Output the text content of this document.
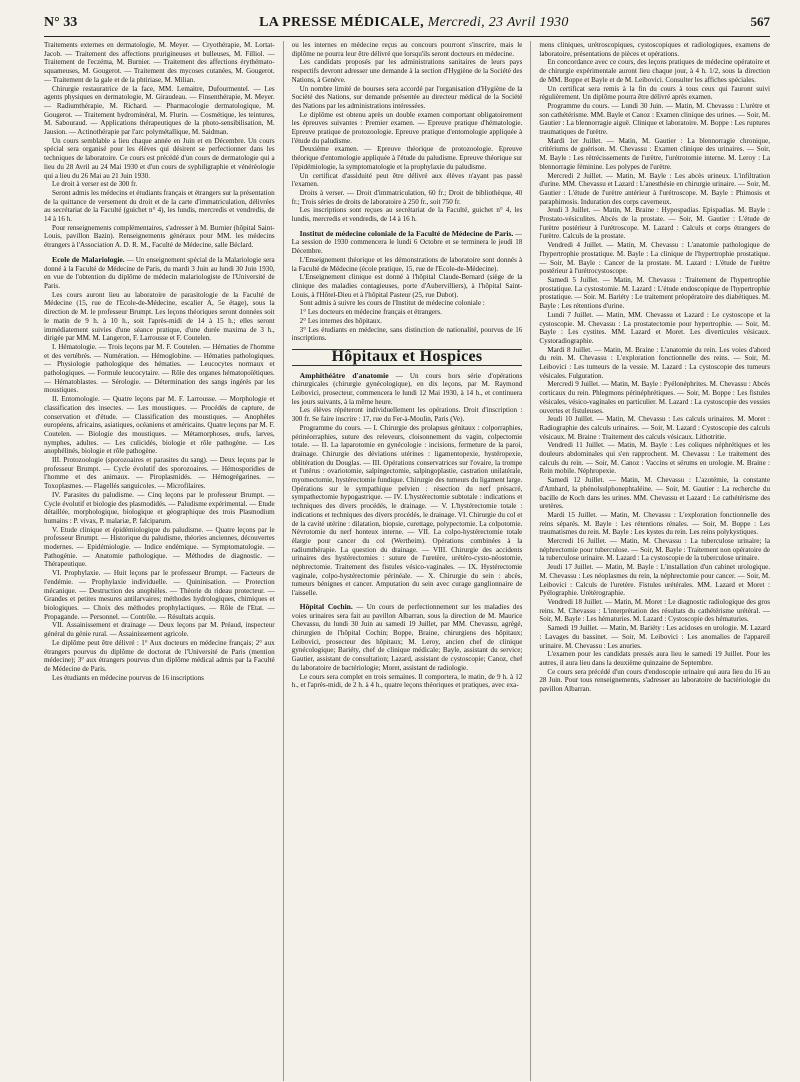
N° 33	LA PRESSE MÉDICALE, Mercredi, 23 Avril 1930	567

Traitements externes en dermatologie, M. Meyer. — Cryothérapie, M. Lortat-Jacob. — Traitement des affections prurigineuses et bulleuses, M. Filliol. — Traitement de l'eczéma, M. Burnier. — Traitement des affections érythémato-squameuses, M. Gougerot. — Traitement des mycoses cutanées, M. Gougerot. — Traitement de la gale et de la phtiriase, M. Milian.

Chirurgie restauratrice de la face, MM. Lemaitre, Dufourmentel. — Les agents physiques en dermatologie, M. Giraudeau. — Finsenthérapie, M. Meyer. — Radiumthérapie, M. Richard. — Pharmacologie dermatologique, M. Gougerot. — Traitement hydrominéral, M. Flurin. — Cosmétique, les teintures, M. Sabouraud. — Applications thérapeutiques de la photo-sensibilisation, M. Jausion. — Actinothérapie par l'arc polymétallique, M. Saidman.

Un cours semblable a lieu chaque année en Juin et en Décembre. Un cours spécial sera organisé pour les élèves qui désirent se perfectionner dans les techniques de laboratoire. Ce cours est précédé d'un cours de dermatologie qui a lieu du 28 Avril au 24 Mai 1930 et d'un cours de syphiligraphie et vénéréologie qui a lieu du 26 Mai au 21 Juin 1930.

Le droit à verser est de 300 fr.

Seront admis les médecins et étudiants français et étrangers sur la présentation de la quittance de versement du droit et de la carte d'immatriculation, délivrées au secrétariat de la Faculté (guichet n° 4), les lundis, mercredis et vendredis, de 14 à 16 h.

Pour renseignements complémentaires, s'adresser à M. Burnier (hôpital Saint-Louis, pavillon Bazin). Renseignements généraux pour MM. les médecins étrangers à l'Association A. D. R. M., Faculté de Médecine, salle Béclard.

Ecole de Malariologie. — Un enseignement spécial de la Malariologie sera donné à la Faculté de Médecine de Paris, du mardi 3 Juin au lundi 30 Juin 1930, en vue de l'obtention du diplôme de médecin malariologiste de l'Université de Paris.

Les cours auront lieu au laboratoire de parasitologie de la Faculté de Médecine (15, rue de l'Ecole-de-Médecine, escalier A, 5e étage), sous la direction de M. le professeur Brumpt. Les leçons théoriques seront données soit le matin de 9 h. à 10 h., soit l'après-midi de 14 à 15 h.; elles seront immédiatement suivies d'une séance pratique, d'une durée maxima de 3 h., dirigée par MM. M. Langeron, F. Larrousse et F. Coutelen.

I. Hématologie. — Trois leçons par M. F. Coutelen. — Hématies de l'homme et des vertébrés. — Numération. — Hémoglobine. — Hématies pathologiques. — Physiologie pathologique des hématies. — Leucocytes normaux et pathologiques. — Formule leucocytaire. — Rôle des organes hématopoïétiques. — Hématoblastes. — Sérologie. — Détermination des sangs ingérés par les moustiques.

II. Entomologie. — Quatre leçons par M. F. Larrousse. — Morphologie et classification des insectes. — Les moustiques. — Procédés de capture, de conservation et d'étude. — Classification des moustiques. — Anophèles européens, africains, asiatiques, océaniens et américains. Quatre leçons par M. F. Coutelen. — Biologie des moustiques. — Métamorphoses, œufs, larves, nymphes, adultes. — Les culicidés, biologie et rôle pathogène. — Les anophélinés, biologie et rôle pathogène.

III. Protozoologie (sporozoaires et parasites du sang). — Deux leçons par le professeur Brumpt. — Cycle évolutif des sporozoaires. — Hémosporidies de l'homme et des animaux. — Piroplasmidés. — Hémogrégarines. — Toxoplasmes. — Flagellés sanguicoles. — Microfilaires.

IV. Parasites du paludisme. — Cinq leçons par le professeur Brumpt. — Cycle évolutif et biologie des plasmodidés. — Paludisme expérimental. — Etude détaillée, morphologique, biologique et géographique des trois Plasmodium humains : P. vivax, P. malariæ, P. falciparum.

V. Etude clinique et épidémiologique du paludisme. — Quatre leçons par le professeur Brumpt. — Historique du paludisme, théories anciennes, découvertes modernes. — Epidémiologie. — Indice endémique. — Symptomatologie. — Pathogénie. — Anatomie pathologique. — Méthodes de diagnostic. — Thérapeutique.

VI. Prophylaxie. — Huit leçons par le professeur Brumpt. — Facteurs de l'endémie. — Prophylaxie individuelle. — Quininisation. — Protection mécanique. — Destruction des anophèles. — Théorie du rideau protecteur. — Grandes et petites mesures antilarvaires; méthodes hydrologiques, chimiques et biologiques. — Choix des méthodes prophylactiques. — Rôle de l'Etat. — Propagande. — Personnel. — Contrôle. — Résultats acquis.

VII. Assainissement et drainage — Deux leçons par M. Préaud, inspecteur général du génie rural. — Assainissement agricole.

Le diplôme peut être délivré : 1° Aux docteurs en médecine français; 2° aux étrangers pourvus du diplôme de doctorat de l'Université de Paris (mention médecine); 3° aux étrangers pourvus d'un diplôme médical admis par la Faculté de Médecine de Paris.

Les étudiants en médecine pourvus de 16 inscriptions

ou les internes en médecine reçus au concours pourront s'inscrire, mais le diplôme ne pourra leur être délivré que lorsqu'ils seront docteurs en médecine.

Les candidats proposés par les administrations sanitaires de leurs pays respectifs devront adresser une demande à la section d'Hygiène de la Société des Nations, à Genève.

Un nombre limité de bourses sera accordé par l'organisation d'Hygiène de la Société des Nations, sur demande présentée au directeur médical de la Société des Nations par les administrations intéressées.

Le diplôme est obtenu après un double examen comportant obligatoirement les épreuves suivantes : Premier examen. — Epreuve pratique d'hématologie. Epreuve pratique de protozoologie. Epreuve pratique d'entomologie appliquée à l'étude du paludisme.

Deuxième examen. — Epreuve théorique de protozoologie. Epreuve théorique d'entomologie appliquée à l'étude du paludisme. Epreuve théorique sur l'épidémiologie, la symptomatologie et la prophylaxie du paludisme.

Un certificat d'assiduité peut être délivré aux élèves n'ayant pas passé l'examen.

Droits à verser. — Droit d'immatriculation, 60 fr.; Droit de bibliothèque, 40 fr.; Trois séries de droits de laboratoire à 250 fr., soit 750 fr.

Les inscriptions sont reçues au secrétariat de la Faculté, guichet n° 4, les lundis, mercredis et vendredis, de 14 à 16 h.

Institut de médecine coloniale de la Faculté de Médecine de Paris. — La session de 1930 commencera le lundi 6 Octobre et se terminera le jeudi 18 Décembre.

L'Enseignement théorique et les démonstrations de laboratoire sont donnés à la Faculté de Médecine (école pratique, 15, rue de l'Ecole-de-Médecine).

L'Enseignement clinique est donné à l'hôpital Claude-Bernard (siège de la clinique des maladies contagieuses, porte d'Aubervilliers), à l'hôpital Saint-Louis, à l'Hôtel-Dieu et à l'hôpital Pasteur (25, rue Dubot).

Sont admis à suivre les cours de l'Institut de médecine coloniale :

1° Les docteurs en médecine français et étrangers.

2° Les internes des hôpitaux.

3° Les étudiants en médecine, sans distinction de nationalité, pourvus de 16 inscriptions.

Hôpitaux et Hospices

Amphithéâtre d'anatomie — Un cours hors série d'opérations chirurgicales (chirurgie gynécologique), en dix leçons, par M. Raymond Leibovici, prosecteur, commencera le lundi 12 Mai 1930, à 14 h., et continuera les jours suivants, à la même heure.

Les élèves répéteront individuellement les opérations. Droit d'inscription : 300 fr. Se faire inscrire : 17, rue du Fer-à-Moulin, Paris (Ve).

Programme du cours. — I. Chirurgie des prolapsus génitaux : colporraphies, périnéorraphies, suture des releveurs, cloisonnement du vagin, colpectomie totale. — II. La laparotomie en gynécologie : incisions, fermeture de la paroi, drainage. Chirurgie des déviations utérines : ligamentopexie, hystéropexie, oblitération du Douglas. — III. Opérations conservatrices sur l'ovaire, la trompe et l'utérus : ovariotomie, salpingectomie, salpingoplastie, castration unilatérale, myomectomie, hystérectomie fundique. Chirurgie des tumeurs du ligament large. Opérations sur le sympathique pelvien : résection du nerf présacré, sympathectomie hypogastrique. — IV. L'hystérectomie subtotale : indications et techniques des divers procédés, le drainage. — V. L'hystérectomie totale : indications et techniques des divers procédés, le drainage. VI. Chirurgie du col et de la cavité utérine : dilatation, biopsie, curettage, polypectomie. La colpotomie. Névrotomie du nerf honteux interne. — VII. La colpo-hystérectomie totale élargie pour cancer du col (Wertheim). Opérations combinées à la radiumthérapie. La question du drainage. — VIII. Chirurgie des accidents urinaires des hystérectomies : suture de l'uretère, urétéro-cysto-néostomie, néphrectomie. Traitement des fistules vésico-vaginales. — IX. Hystérectomie vaginale, colpo-hystérectomie périnéale. — X. Chirurgie du sein : abcès, tumeurs bénignes et cancer. Amputation du sein avec curage ganglionnaire de l'aisselle.

Hôpital Cochin. — Un cours de perfectionnement sur les maladies des voies urinaires sera fait au pavillon Albarran, sous la direction de M. Maurice Chevassu, du lundi 30 Juin au samedi 19 Juillet, par MM. Chevassu, agrégé, chirurgien de l'hôpital Cochin; Boppe, Braine, chirurgiens des hôpitaux; Leibovici, prosecteur des hôpitaux; M. Leroy, ancien chef de clinique gynécologique; Bariéty, chef de clinique médicale; Bayle, assistant du service; Gautier, assistant de consultation; Lazard, assistant de cystoscopie; Canoz, chef du laboratoire de bactériologie; Moret, assistant de radiologie.

Le cours sera complet en trois semaines. Il comportera, le matin, de 9 h. à 12 h., et l'après-midi, de 2 h. à 4 h., quatre leçons théoriques et pratiques, avec exa-

mens cliniques, urétroscopiques, cystoscopiques et radiologiques, examens de laboratoire, présentations de pièces et opérations.

En concordance avec ce cours, des leçons pratiques de médecine opératoire et de chirurgie expérimentale auront lieu chaque jour, à 4 h. 1/2, sous la direction de MM. Boppe et Bayle et de M. Leibovici. Consulter les affiches spéciales.

Un certificat sera remis à la fin du cours à tous ceux qui l'auront suivi régulièrement. Un diplôme pourra être délivré après examen.

Programme du cours. — Lundi 30 Juin. — Matin, M. Chevassu : L'urètre et son cathétérisme. MM. Bayle et Canoz : Examen clinique des urines. — Soir, M. Gautier : La blennorragie aiguë. Clinique et laboratoire. M. Boppe : Les ruptures traumatiques de l'urètre.

Mardi 1er Juillet. — Matin, M. Gautier : La blennorragie chronique, critériums de guérison. M. Chevassu : Examen clinique des urinaires. — Soir, M. Bayle : Les rétrécissements de l'urètre, l'urétrotomie interne. M. Leroy : La blennorragie féminine. Les polypes de l'urètre.

Mercredi 2 Juillet. — Matin, M. Bayle : Les abcès urineux. L'infiltration d'urine. MM. Chevassu et Lazard : L'anesthésie en chirurgie urinaire. — Soir, M. Gautier : L'étude de l'urètre antérieur à l'urétroscope. M. Bayle : Phimosis et paraphimosis. Induration des corps caverneux.

Jeudi 3 Juillet. — Matin, M. Braine : Hypospadias. Epispadias. M. Bayle : Prostato-vésiculites. Abcès de la prostate. — Soir, M. Gautier : L'étude de l'urètre postérieur à l'urétroscope. M. Lazard : Calculs et corps étrangers de l'urètre. Calculs de la prostate.

Vendredi 4 Juillet. — Matin, M. Chevassu : L'anatomie pathologique de l'hypertrophie prostatique. M. Bayle : La clinique de l'hypertrophie prostatique. — Soir, M. Bayle : Cancer de la prostate. M. Lazard : L'étude de l'urètre postérieur à l'urétrocystoscope.

Samedi 5 Juillet. — Matin, M. Chevassu : Traitement de l'hypertrophie prostatique. La cystostomie. M. Lazard : L'étude endoscopique de l'hypertrophie prostatique. — Soir. M. Bariéty : Le traitement préopératoire des diabétiques. M. Bayle : Les rétentions d'urine.

Lundi 7 Juillet. — Matin, MM. Chevassu et Lazard : Le cystoscope et la cystoscopie. M. Chevassu : La prostatectomie pour hypertrophie. — Soir, M. Bayle : Les cystites. MM. Lazard et Moret. Les diverticules vésicaux. Cystoradiographie.

Mardi 8 Juillet. — Matin, M. Braine : L'anatomie du rein. Les voies d'abord du rein. M. Chevassu : L'exploration fonctionnelle des reins. — Soir, M. Leibovici : Les tumeurs de la vessie. M. Lazard : La cystoscopie des tumeurs vésicales. Fulguration.

Mercredi 9 Juillet. — Matin, M. Bayle : Pyélonéphrites. M. Chevassu : Abcès corticaux du rein. Phlegmons périnéphrétiques. — Soir, M. Boppe : Les fistules vésicales, vésico-vaginales en particulier. M. Lazard : La cystoscopie des vessies ouvertes et fistuleuses.

Jeudi 10 Juillet. — Matin, M. Chevassu : Les calculs urinaires. M. Moret : Radiographie des calculs urinaires. — Soir, M. Lazard : Cystoscopie des calculs vésicaux. M. Braine : Traitement des calculs vésicaux. Lithotritie.

Vendredi 11 Juillet. — Matin, M. Bayle : Les coliques néphrétiques et les douleurs abdominales qui s'en rapprochent. M. Chevassu : Le traitement des calculs du rein. — Soir, M. Canoz : Vaccins et sérums en urologie. M. Braine : Rein mobile. Néphropexie.

Samedi 12 Juillet. — Matin, M. Chevassu : L'azotémie, la constante d'Ambard, la phénolsulphonephtaléine. — Soir, M. Gautier : La recherche du bacille de Koch dans les urines. MM. Chevassu et Lazard : Le cathétérisme des uretères.

Mardi 15 Juillet. — Matin, M. Chevassu : L'exploration fonctionnelle des reins séparés. M. Bayle : Les rétentions rénales. — Soir, M. Boppe : Les traumatismes du rein. M. Bayle : Les kystes du rein. Les reins polykystiques.

Mercredi 16 Juillet. — Matin, M. Chevassu : La tuberculose urinaire; la néphrectomie pour tuberculose. — Soir, M. Bayle : Traitement non opératoire de la tuberculose urinaire. M. Lazard : La cystoscopie de la tuberculose urinaire.

Jeudi 17 Juillet. — Matin, M. Bayle : L'installation d'un cabinet urologique. M. Chevassu : Les néoplasmes du rein, la néphrectomie pour cancer. — Soir, M. Leibovici : Calculs de l'uretère. Fistules urétérales. MM. Lazard et Moret : Pyélographie. Urétérographie.

Vendredi 18 Juillet. — Matin, M. Moret : Le diagnostic radiologique des gros reins. M. Chevassu : L'interprétation des résultats du cathétérisme urétéral. — Soir, M. Bayle : Les hématuries. M. Lazard : Cystoscopie des hématuries.

Samedi 19 Juillet. — Matin, M. Bariéty : Les acidoses en urologie. M. Lazard : Lavages du bassinet. — Soir, M. Leibovici : Les anomalies de l'appareil urinaire. M. Chevassu : Les anuries.

L'examen pour les candidats pressés aura lieu le samedi 19 Juillet. Pour les autres, il aura lieu dans la deuxième quinzaine de Septembre.

Ce cours sera précédé d'un cours d'endoscopie urinaire qui aura lieu du 16 au 28 Juin. Pour tous renseignements, s'adresser au laboratoire de bactériologie du pavillon Albarran.
